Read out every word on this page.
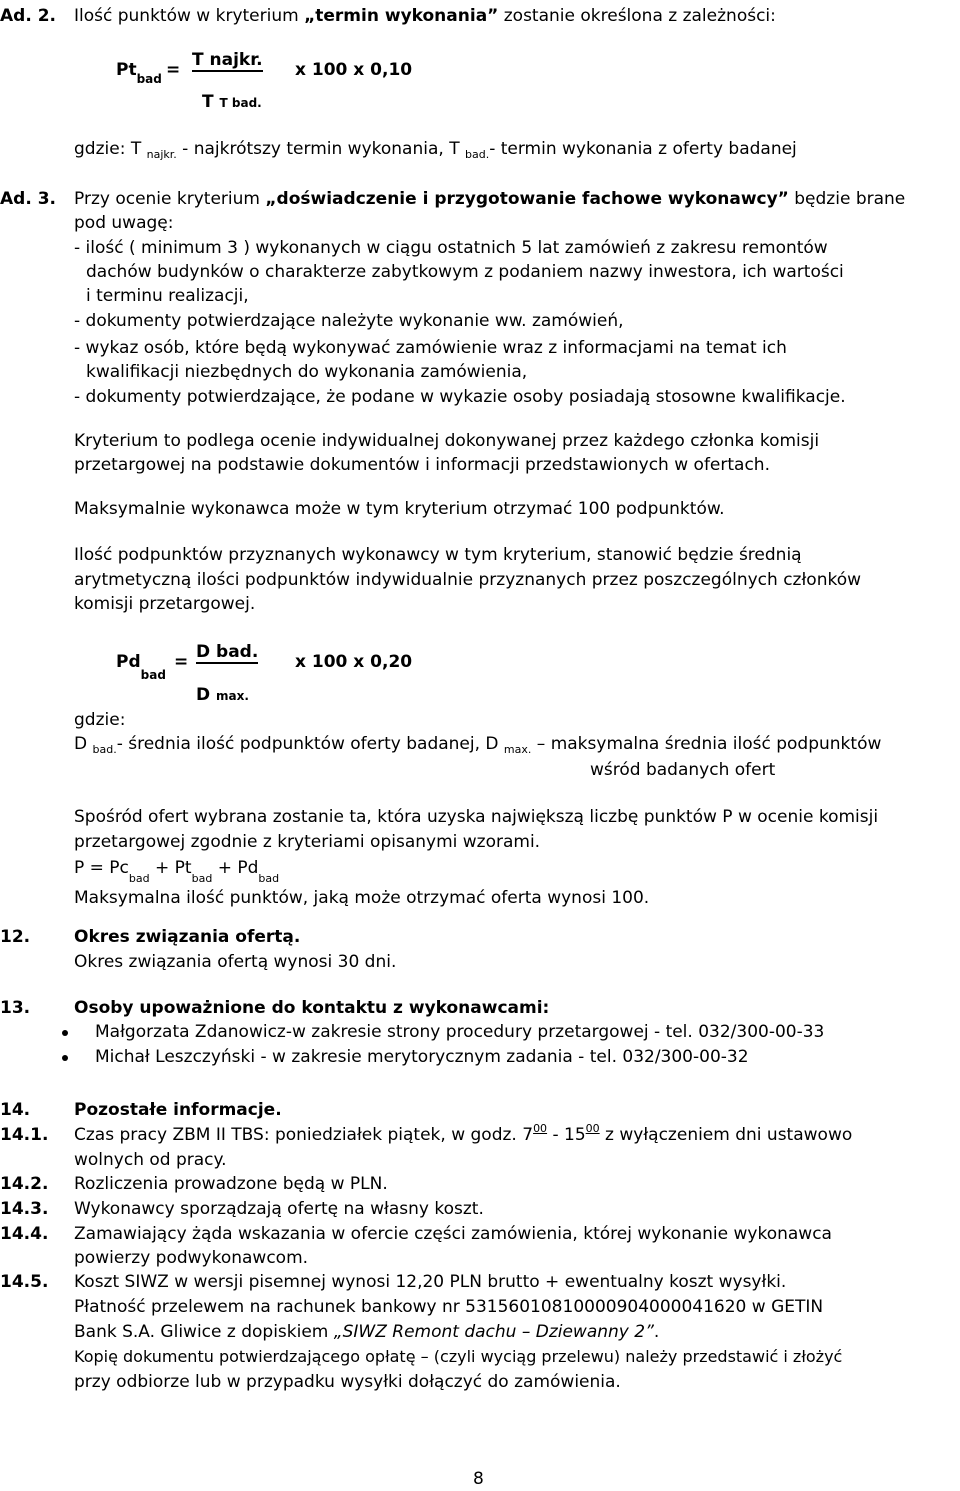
Ad. 2. Ilość punktów w kryterium „termin wykonania” zostanie określona z zależności:
$Pt_{bad} = T$ najkr.
T T bad.
x 100 x 0,10
gdzie: T $_{najkr.}$ - najkrótszy termin wykonania, T $_{bad.}$- termin wykonania z oferty badanej
Ad. 3. Przy ocenie kryterium „doświadczenie i przygotowanie fachowe wykonawcy” będzie brane
pod uwagę:
- ilość ( minimum 3 ) wykonanych w ciągu ostatnich 5 lat zamówień z zakresu remontów
dachów budynków o charakterze zabytkowym z podaniem nazwy inwestora, ich wartości
i terminu realizacji,
- dokumenty potwierdzające należyte wykonanie ww. zamówień,
- wykaz osób, które będą wykonywać zamówienie wraz z informacjami na temat ich
kwalifikacji niezbędnych do wykonania zamówienia,
- dokumenty potwierdzające, że podane w wykazie osoby posiadają stosowne kwalifikacje.
Kryterium to podlega ocenie indywidualnej dokonywanej przez każdego członka komisji
przetargowej na podstawie dokumentów i informacji przedstawionych w ofertach.
Maksymalnie wykonawca może w tym kryterium otrzymać 100 podpunktów.
Ilość podpunktów przyznanych wykonawcy w tym kryterium, stanowić będzie średnią
arytmetyczną ilości podpunktów indywidualnie przyznanych przez poszczególnych członków
komisji przetargowej.
$Pd_{bad}$
= D bad.
D max.
x 100 x 0,20
gdzie:
D $_{bad.}$- średnia ilość podpunktów oferty badanej, D $_{max.}$ – maksymalna średnia ilość podpunktów
wśród badanych ofert
Spośród ofert wybrana zostanie ta, która uzyska największą liczbę punktów P w ocenie komisji
przetargowej zgodnie z kryteriami opisanymi wzorami.
$P = Pc_{bad} + Pt_{bad} + Pd_{bad}$
Maksymalna ilość punktów, jaką może otrzymać oferta wynosi 100.
12.	Okres związania ofertą.
Okres związania ofertą wynosi 30 dni.
13.	Osoby upoważnione do kontaktu z wykonawcami:
Małgorzata Zdanowicz-w zakresie strony procedury przetargowej - tel. 032/300-00-33
Michał Leszczyński - w zakresie merytorycznym zadania - tel. 032/300-00-32
14.	Pozostałe informacje.
14.1. Czas pracy ZBM II TBS: poniedziałek piątek, w godz. $7^{00} - 15^{00}$ z wyłączeniem dni ustawowo
wolnych od pracy.
14.2. Rozliczenia prowadzone będą w PLN.
14.3. Wykonawcy sporządzają ofertę na własny koszt.
14.4. Zamawiający żąda wskazania w ofercie części zamówienia, której wykonanie wykonawca
powierzy podwykonawcom.
14.5. Koszt SIWZ w wersji pisemnej wynosi 12,20 PLN brutto + ewentualny koszt wysyłki.
Płatność przelewem na rachunek bankowy nr 53156010810000904000041620 w GETIN
Bank S.A. Gliwice z dopiskiem „SIWZ Remont dachu – Dziewanny 2”.
Kopię dokumentu potwierdzającego opłatę – (czyli wyciąg przelewu) należy przedstawić i złożyć
przy odbiorze lub w przypadku wysyłki dołączyć do zamówienia.
8
